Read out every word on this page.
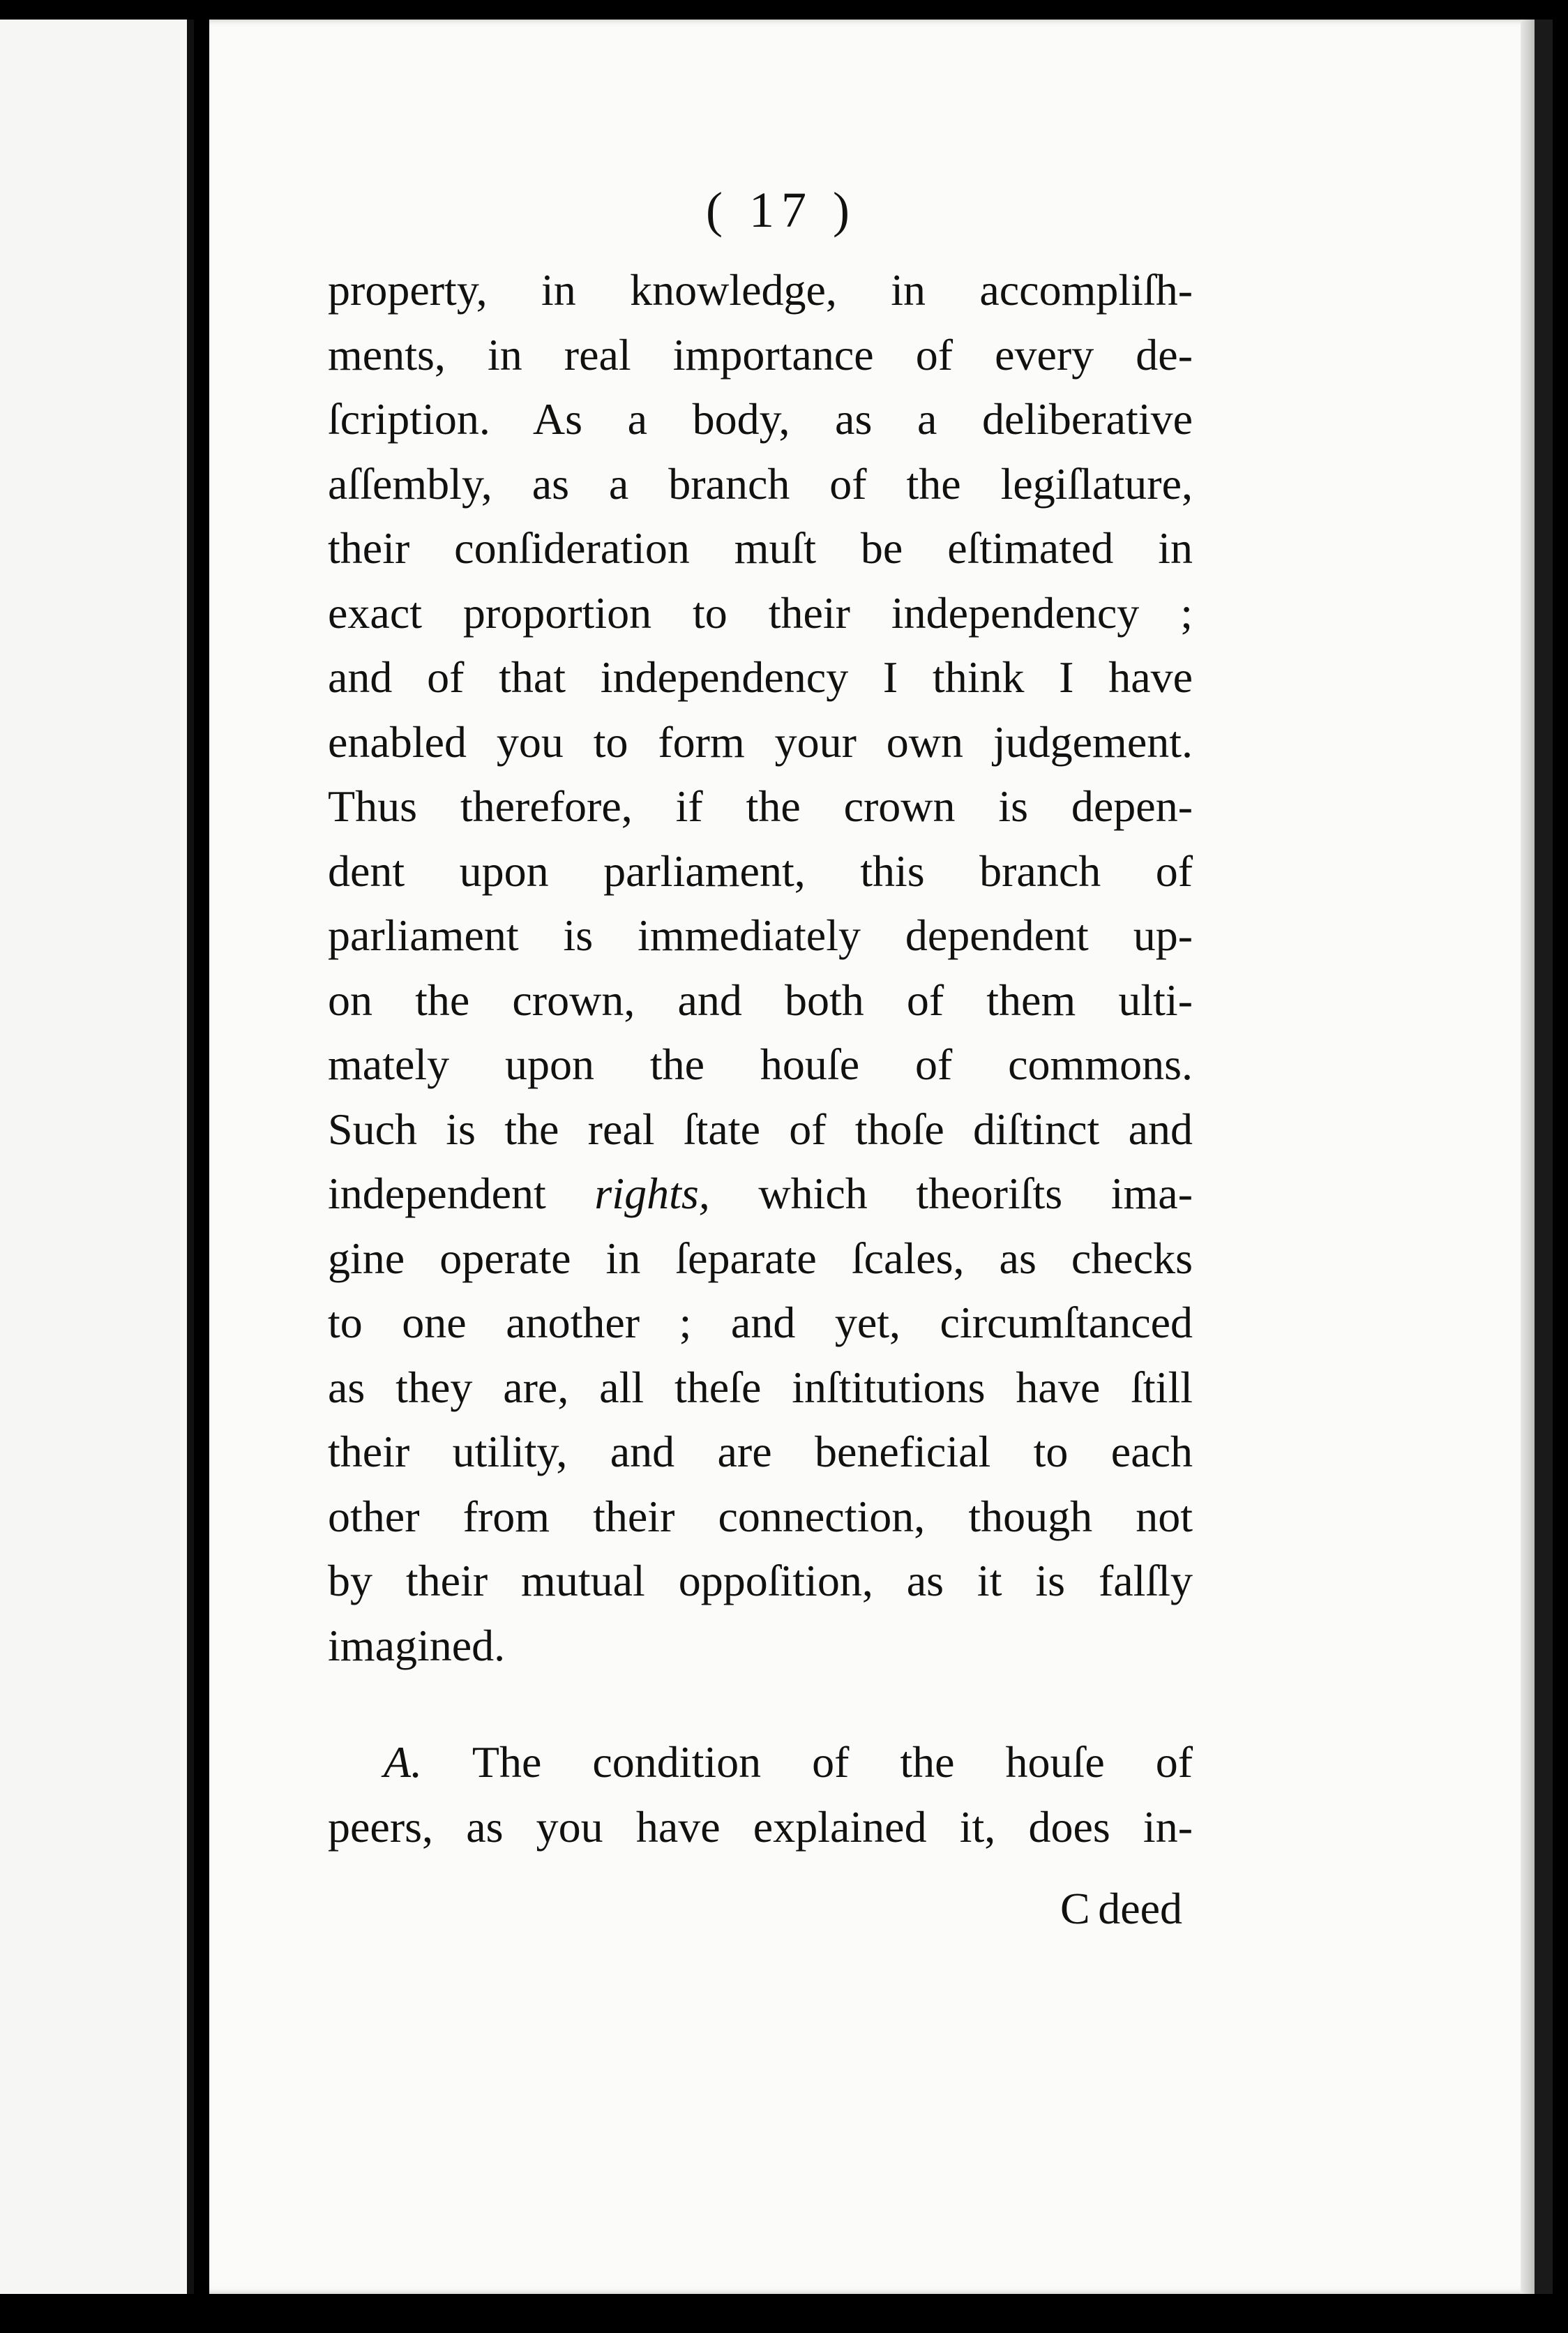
( 17 )
property, in knowledge, in accompliſh-
ments, in real importance of every de-
ſcription. As a body, as a deliberative
aſſembly, as a branch of the legiſlature,
their conſideration muſt be eſtimated in
exact proportion to their independency ;
and of that independency I think I have
enabled you to form your own judgement.
Thus therefore, if the crown is depen-
dent upon parliament, this branch of
parliament is immediately dependent up-
on the crown, and both of them ulti-
mately upon the houſe of commons.
Such is the real ſtate of thoſe diſtinct and
independent rights, which theoriſts ima-
gine operate in ſeparate ſcales, as checks
to one another ; and yet, circumſtanced
as they are, all theſe inſtitutions have ſtill
their utility, and are beneficial to each
other from their connection, though not
by their mutual oppoſition, as it is falſly
imagined.
A. The condition of the houſe of
peers, as you have explained it, does in-
C deed
